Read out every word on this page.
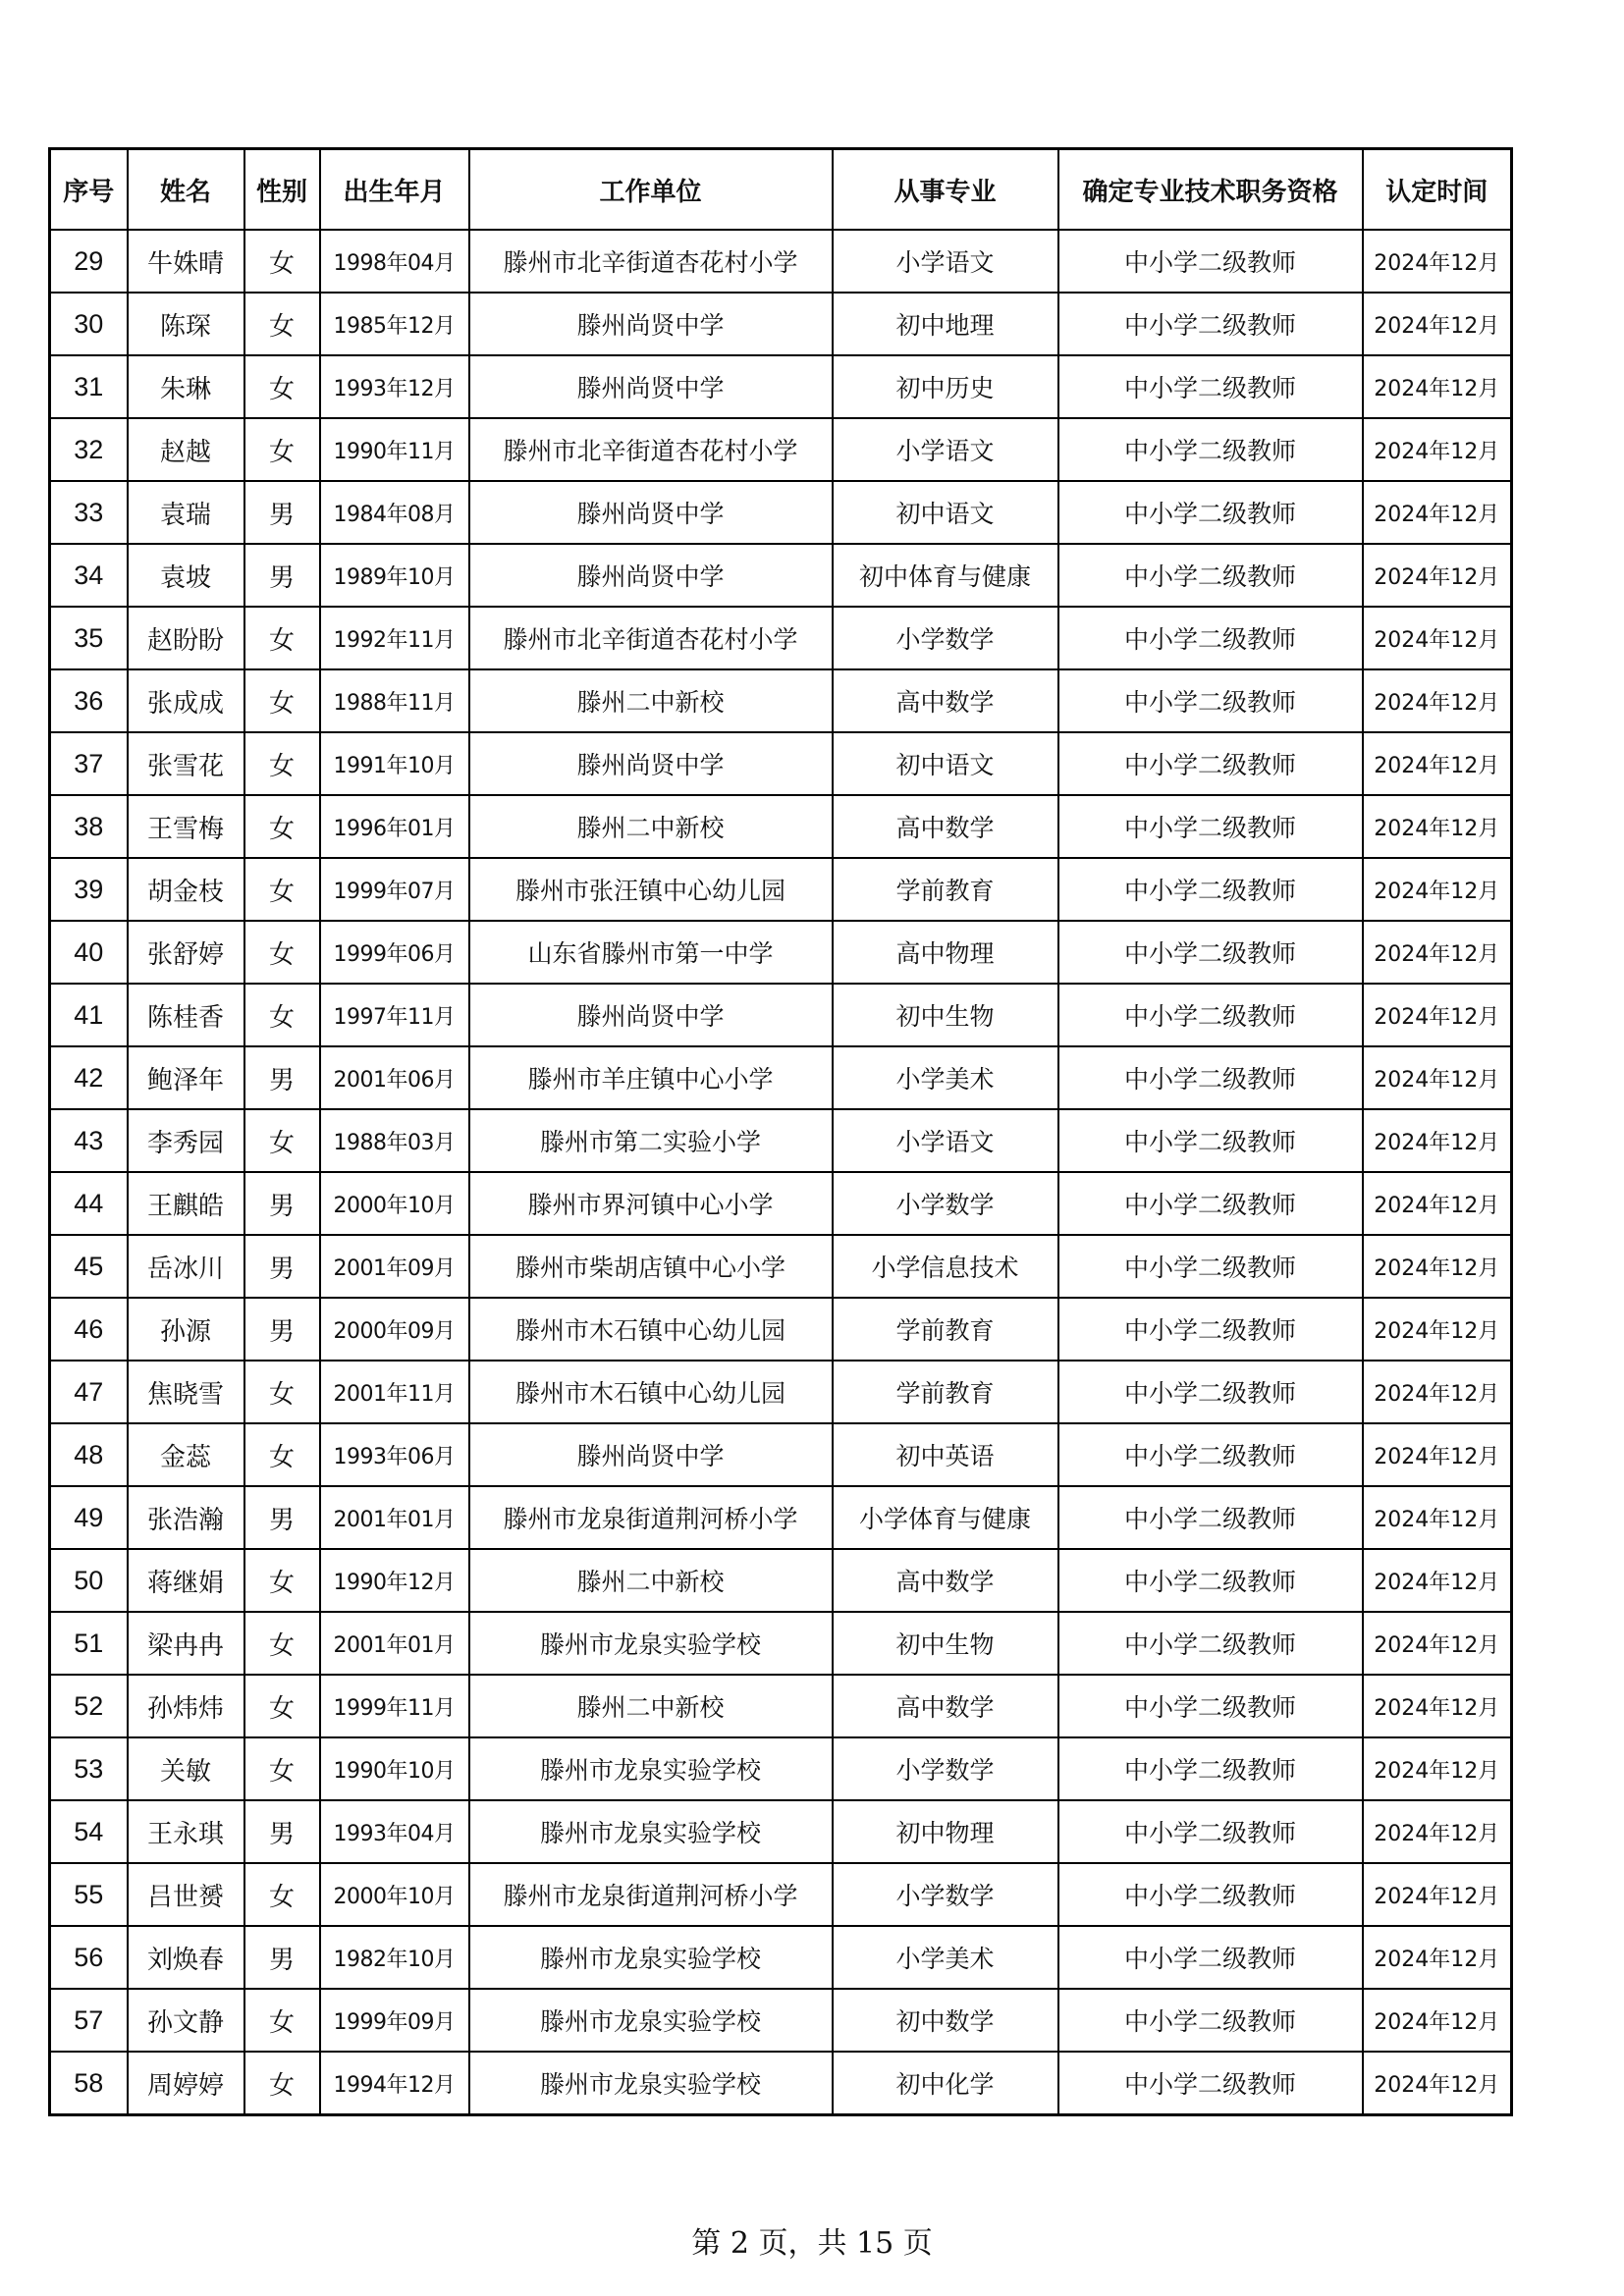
序号	姓名	性别	出生年月	工作单位	从事专业	确定专业技术职务资格	认定时间
29	牛姝晴	女	1998年04月	滕州市北辛街道杏花村小学	小学语文	中小学二级教师	2024年12月
30	陈琛	女	1985年12月	滕州尚贤中学	初中地理	中小学二级教师	2024年12月
31	朱琳	女	1993年12月	滕州尚贤中学	初中历史	中小学二级教师	2024年12月
32	赵越	女	1990年11月	滕州市北辛街道杏花村小学	小学语文	中小学二级教师	2024年12月
33	袁瑞	男	1984年08月	滕州尚贤中学	初中语文	中小学二级教师	2024年12月
34	袁坡	男	1989年10月	滕州尚贤中学	初中体育与健康	中小学二级教师	2024年12月
35	赵盼盼	女	1992年11月	滕州市北辛街道杏花村小学	小学数学	中小学二级教师	2024年12月
36	张成成	女	1988年11月	滕州二中新校	高中数学	中小学二级教师	2024年12月
37	张雪花	女	1991年10月	滕州尚贤中学	初中语文	中小学二级教师	2024年12月
38	王雪梅	女	1996年01月	滕州二中新校	高中数学	中小学二级教师	2024年12月
39	胡金枝	女	1999年07月	滕州市张汪镇中心幼儿园	学前教育	中小学二级教师	2024年12月
40	张舒婷	女	1999年06月	山东省滕州市第一中学	高中物理	中小学二级教师	2024年12月
41	陈桂香	女	1997年11月	滕州尚贤中学	初中生物	中小学二级教师	2024年12月
42	鲍泽年	男	2001年06月	滕州市羊庄镇中心小学	小学美术	中小学二级教师	2024年12月
43	李秀园	女	1988年03月	滕州市第二实验小学	小学语文	中小学二级教师	2024年12月
44	王麒皓	男	2000年10月	滕州市界河镇中心小学	小学数学	中小学二级教师	2024年12月
45	岳冰川	男	2001年09月	滕州市柴胡店镇中心小学	小学信息技术	中小学二级教师	2024年12月
46	孙源	男	2000年09月	滕州市木石镇中心幼儿园	学前教育	中小学二级教师	2024年12月
47	焦晓雪	女	2001年11月	滕州市木石镇中心幼儿园	学前教育	中小学二级教师	2024年12月
48	金蕊	女	1993年06月	滕州尚贤中学	初中英语	中小学二级教师	2024年12月
49	张浩瀚	男	2001年01月	滕州市龙泉街道荆河桥小学	小学体育与健康	中小学二级教师	2024年12月
50	蒋继娟	女	1990年12月	滕州二中新校	高中数学	中小学二级教师	2024年12月
51	梁冉冉	女	2001年01月	滕州市龙泉实验学校	初中生物	中小学二级教师	2024年12月
52	孙炜炜	女	1999年11月	滕州二中新校	高中数学	中小学二级教师	2024年12月
53	关敏	女	1990年10月	滕州市龙泉实验学校	小学数学	中小学二级教师	2024年12月
54	王永琪	男	1993年04月	滕州市龙泉实验学校	初中物理	中小学二级教师	2024年12月
55	吕世赟	女	2000年10月	滕州市龙泉街道荆河桥小学	小学数学	中小学二级教师	2024年12月
56	刘焕春	男	1982年10月	滕州市龙泉实验学校	小学美术	中小学二级教师	2024年12月
57	孙文静	女	1999年09月	滕州市龙泉实验学校	初中数学	中小学二级教师	2024年12月
58	周婷婷	女	1994年12月	滕州市龙泉实验学校	初中化学	中小学二级教师	2024年12月
第 2 页，共 15 页
